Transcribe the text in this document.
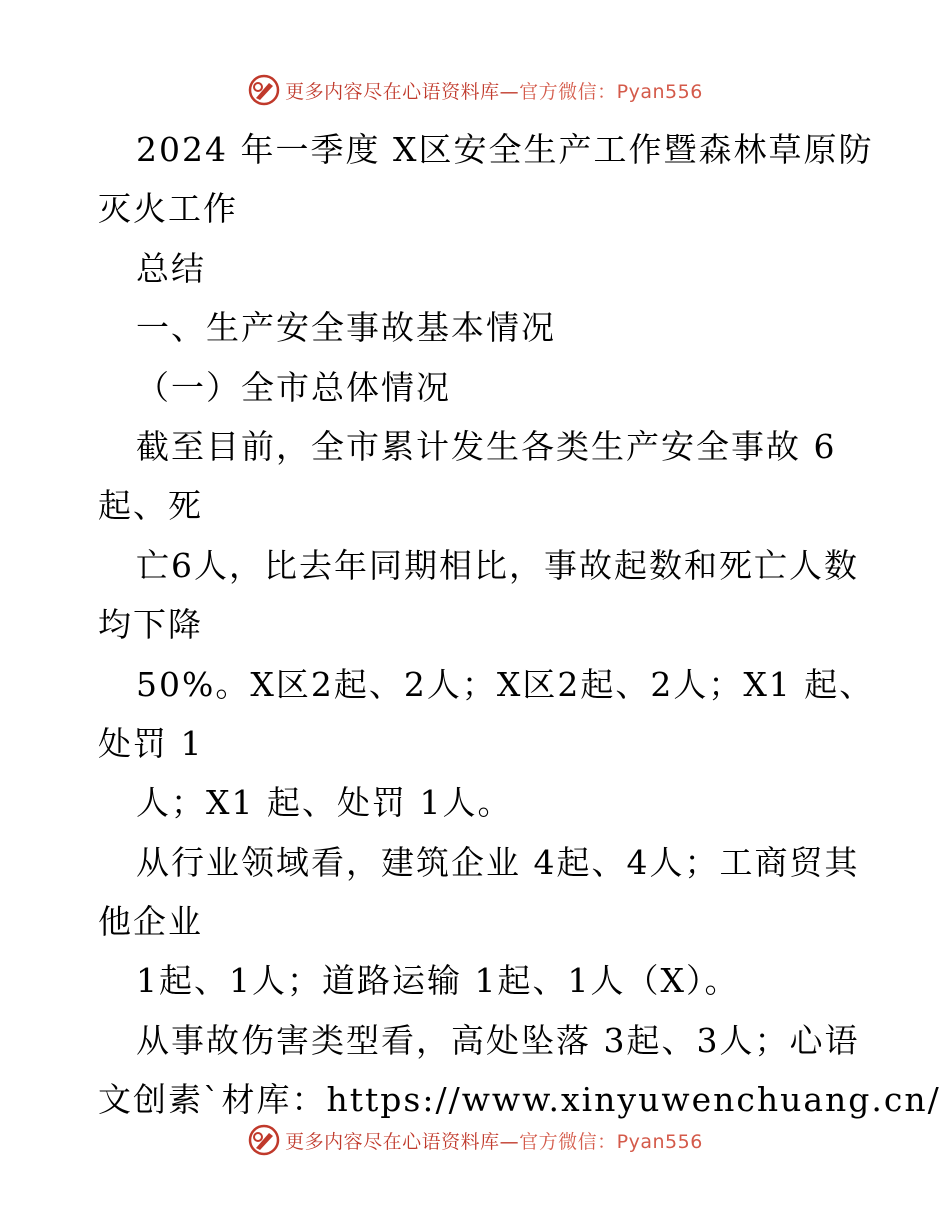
更多内容尽在心语资料库—官方微信：Pyan556
2024 年一季度 X区安全生产工作暨森林草原防
灭火工作
总结
一、生产安全事故基本情况
（一）全市总体情况
截至目前，全市累计发生各类生产安全事故 6
起、死
亡6人，比去年同期相比，事故起数和死亡人数
均下降
50%。X区2起、2人；X区2起、2人；X1 起、
处罚 1
人；X1 起、处罚 1人。
从行业领域看，建筑企业 4起、4人；工商贸其
他企业
1起、1人；道路运输 1起、1人（X）。
从事故伤害类型看，高处坠落 3起、3人；心语
文创素`材库：https://www.xinyuwenchuang.cn/
更多内容尽在心语资料库—官方微信：Pyan556
